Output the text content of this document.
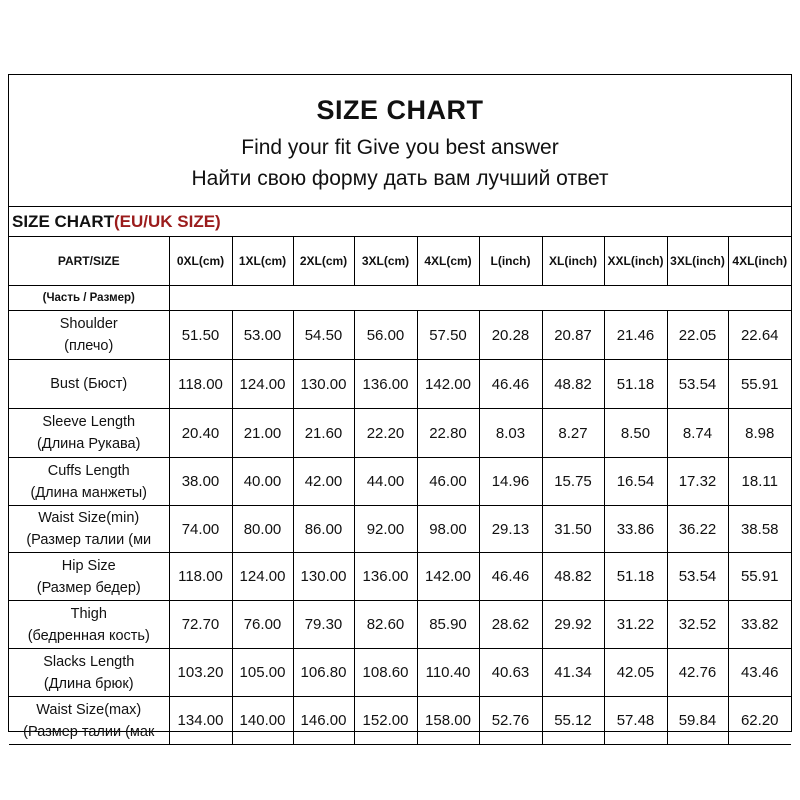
SIZE CHART
Find your fit Give you best answer
Найти свою форму дать вам лучший ответ
SIZE CHART(EU/UK SIZE)
PART/SIZE	0XL(cm)	1XL(cm)	2XL(cm)	3XL(cm)	4XL(cm)	L(inch)	XL(inch)	XXL(inch)	3XL(inch)	4XL(inch)
(Часть / Размер)										

Shoulder
(плечо)	51.50	53.00	54.50	56.00	57.50	20.28	20.87	21.46	22.05	22.64

Bust (Бюст)	118.00	124.00	130.00	136.00	142.00	46.46	48.82	51.18	53.54	55.91

Sleeve Length
(Длина Рукава)	20.40	21.00	21.60	22.20	22.80	8.03	8.27	8.50	8.74	8.98

Cuffs Length
(Длина манжеты)	38.00	40.00	42.00	44.00	46.00	14.96	15.75	16.54	17.32	18.11

Waist Size(min)
(Размер талии (ми	74.00	80.00	86.00	92.00	98.00	29.13	31.50	33.86	36.22	38.58

Hip Size
(Размер бедер)	118.00	124.00	130.00	136.00	142.00	46.46	48.82	51.18	53.54	55.91

Thigh
(бедренная кость)	72.70	76.00	79.30	82.60	85.90	28.62	29.92	31.22	32.52	33.82

Slacks Length
(Длина брюк)	103.20	105.00	106.80	108.60	110.40	40.63	41.34	42.05	42.76	43.46

Waist Size(max)
(Размер талии (мак	134.00	140.00	146.00	152.00	158.00	52.76	55.12	57.48	59.84	62.20
